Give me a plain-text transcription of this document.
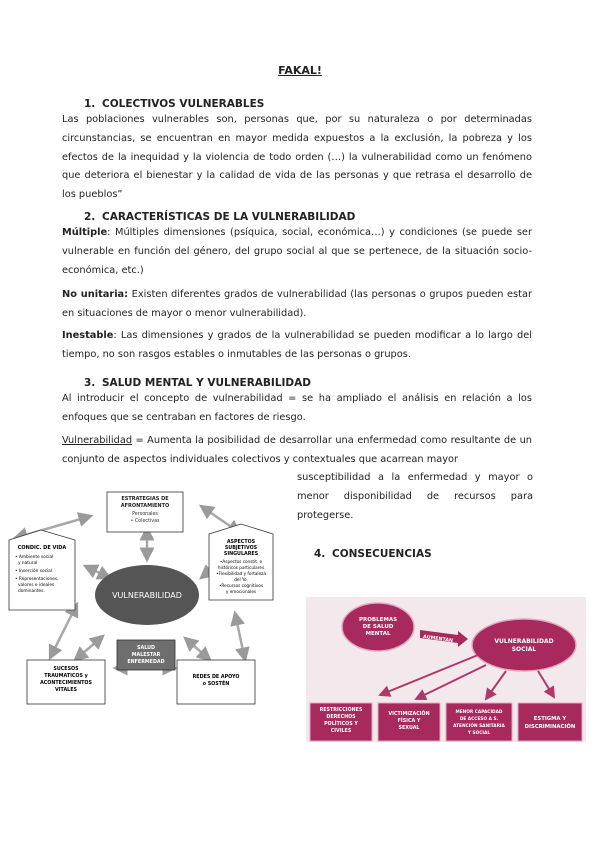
FAKAL!
1. COLECTIVOS VULNERABLES

Las poblaciones vulnerables son, personas que, por su naturaleza o por determinadas circunstancias, se encuentran en mayor medida expuestos a la exclusión, la pobreza y los efectos de la inequidad y la violencia de todo orden (…) la vulnerabilidad como un fenómeno que deteriora el bienestar y la calidad de vida de las personas y que retrasa el desarrollo de los pueblos”

2. CARACTERÍSTICAS DE LA VULNERABILIDAD

Múltiple: Múltiples dimensiones (psíquica, social, económica…) y condiciones (se puede ser vulnerable en función del género, del grupo social al que se pertenece, de la situación socio-económica, etc.)

No unitaria: Existen diferentes grados de vulnerabilidad (las personas o grupos pueden estar en situaciones de mayor o menor vulnerabilidad).

Inestable: Las dimensiones y grados de la vulnerabilidad se pueden modificar a lo largo del tiempo, no son rasgos estables o inmutables de las personas o grupos.

3. SALUD MENTAL Y VULNERABILIDAD

Al introducir el concepto de vulnerabilidad = se ha ampliado el análisis en relación a los enfoques que se centraban en factores de riesgo.

Vulnerabilidad = Aumenta la posibilidad de desarrollar una enfermedad como resultante de un conjunto de aspectos individuales colectivos y contextuales que acarrean mayor

susceptibilidad a la enfermedad y mayor o menor disponibilidad de recursos para protegerse.

4. CONSECUENCIAS
VULNERABILIDAD
ESTRATEGIAS DE AFRONTAMIENTO
Personales
• Colectivas
ASPECTOS
SUBJETIVOS
SINGULARES
•Aspectos constit. e
históricos particulares
•Flexibilidad y fortaleza
del Yo.
•Recursos cognitivos
y emocionales
CONDIC. DE VIDA
• Ambiente social
y natural
• Inserción social
• Representaciones,
valores e ideales
dominantes.
SALUD
MALESTAR
ENFERMEDAD
SUCESOS
TRAUMATICOS y
ACONTECIMIENTOS
VITALES
REDES DE APOYO
o SOSTÉN
PROBLEMAS
DE SALUD
MENTAL
AUMENTAN	VULNERABILIDAD
SOCIAL
RESTRICCIONES
DERECHOS
POLÍTICOS Y
CIVILES
VICTIMIZACIÓN
FÍSICA Y
SEXUAL
MENOR CAPACIDAD
DE ACCESO A S.
ATENCIÓN SANITARIA
Y SOCIAL
ESTIGMA Y
DISCRIMINACIÓN
